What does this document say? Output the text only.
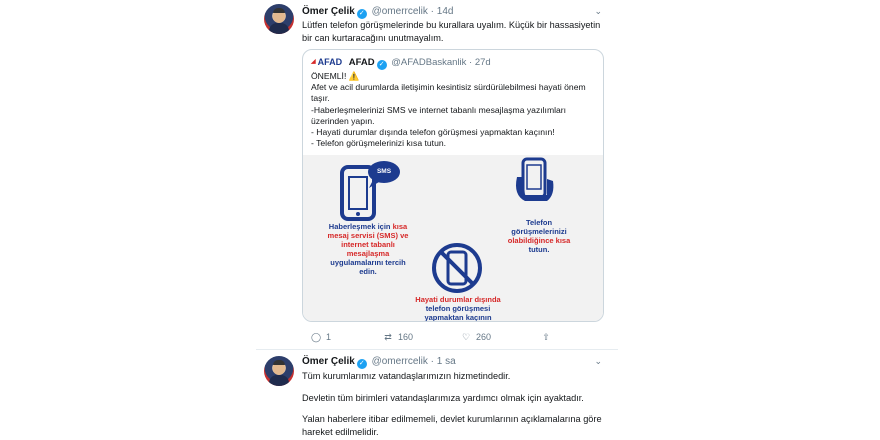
Ömer Çelik ✓ @omerrcelik · 14d	⌄
Lütfen telefon görüşmelerinde bu kurallara uyalım. Küçük bir hassasiyetin bir can kurtaracağını unutmayalım.
◢ AFAD AFAD ✓ @AFADBaskanlik · 27d
ÖNEMLİ! ⚠️
Afet ve acil durumlarda iletişimin kesintisiz sürdürülebilmesi hayati önem taşır.
-Haberleşmelerinizi SMS ve internet tabanlı mesajlaşma yazılımları üzerinden yapın.
- Hayati durumlar dışında telefon görüşmesi yapmaktan kaçının!
- Telefon görüşmelerinizi kısa tutun.
SMS
Haberleşmek için kısa
mesaj servisi (SMS) ve
internet tabanlı
mesajlaşma
uygulamalarını tercih
edin.
Telefon
görüşmelerinizi
olabildiğince kısa
tutun.
Hayati durumlar dışında
telefon görüşmesi
yapmaktan kaçının
◯ 1	⇄ 160	♡ 260	⇧
Ömer Çelik ✓ @omerrcelik · 1 sa	⌄
Tüm kurumlarımız vatandaşlarımızın hizmetindedir.
Devletin tüm birimleri vatandaşlarımıza yardımcı olmak için ayaktadır.
Yalan haberlere itibar edilmemeli, devlet kurumlarının açıklamalarına göre hareket edilmelidir.
